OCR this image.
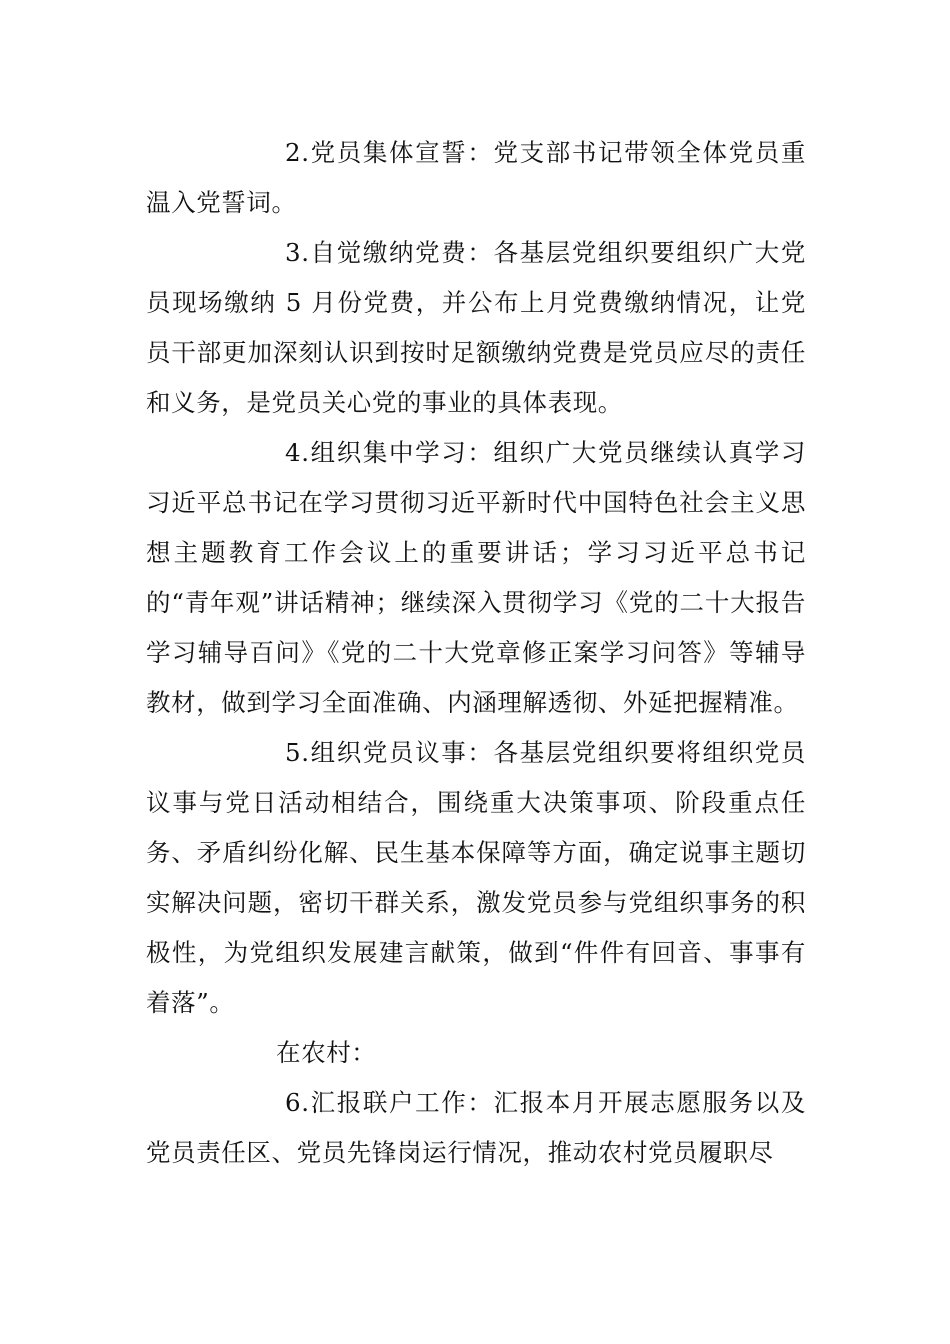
2.党员集体宣誓：党支部书记带领全体党员重温入党誓词。

3.自觉缴纳党费：各基层党组织要组织广大党员现场缴纳 5 月份党费，并公布上月党费缴纳情况，让党员干部更加深刻认识到按时足额缴纳党费是党员应尽的责任和义务，是党员关心党的事业的具体表现。

4.组织集中学习：组织广大党员继续认真学习习近平总书记在学习贯彻习近平新时代中国特色社会主义思想主题教育工作会议上的重要讲话；学习习近平总书记的“青年观”讲话精神；继续深入贯彻学习《党的二十大报告学习辅导百问》《党的二十大党章修正案学习问答》等辅导教材，做到学习全面准确、内涵理解透彻、外延把握精准。

5.组织党员议事：各基层党组织要将组织党员议事与党日活动相结合，围绕重大决策事项、阶段重点任务、矛盾纠纷化解、民生基本保障等方面，确定说事主题切实解决问题，密切干群关系，激发党员参与党组织事务的积极性，为党组织发展建言献策，做到“件件有回音、事事有着落”。

在农村：

6.汇报联户工作：汇报本月开展志愿服务以及党员责任区、党员先锋岗运行情况，推动农村党员履职尽
